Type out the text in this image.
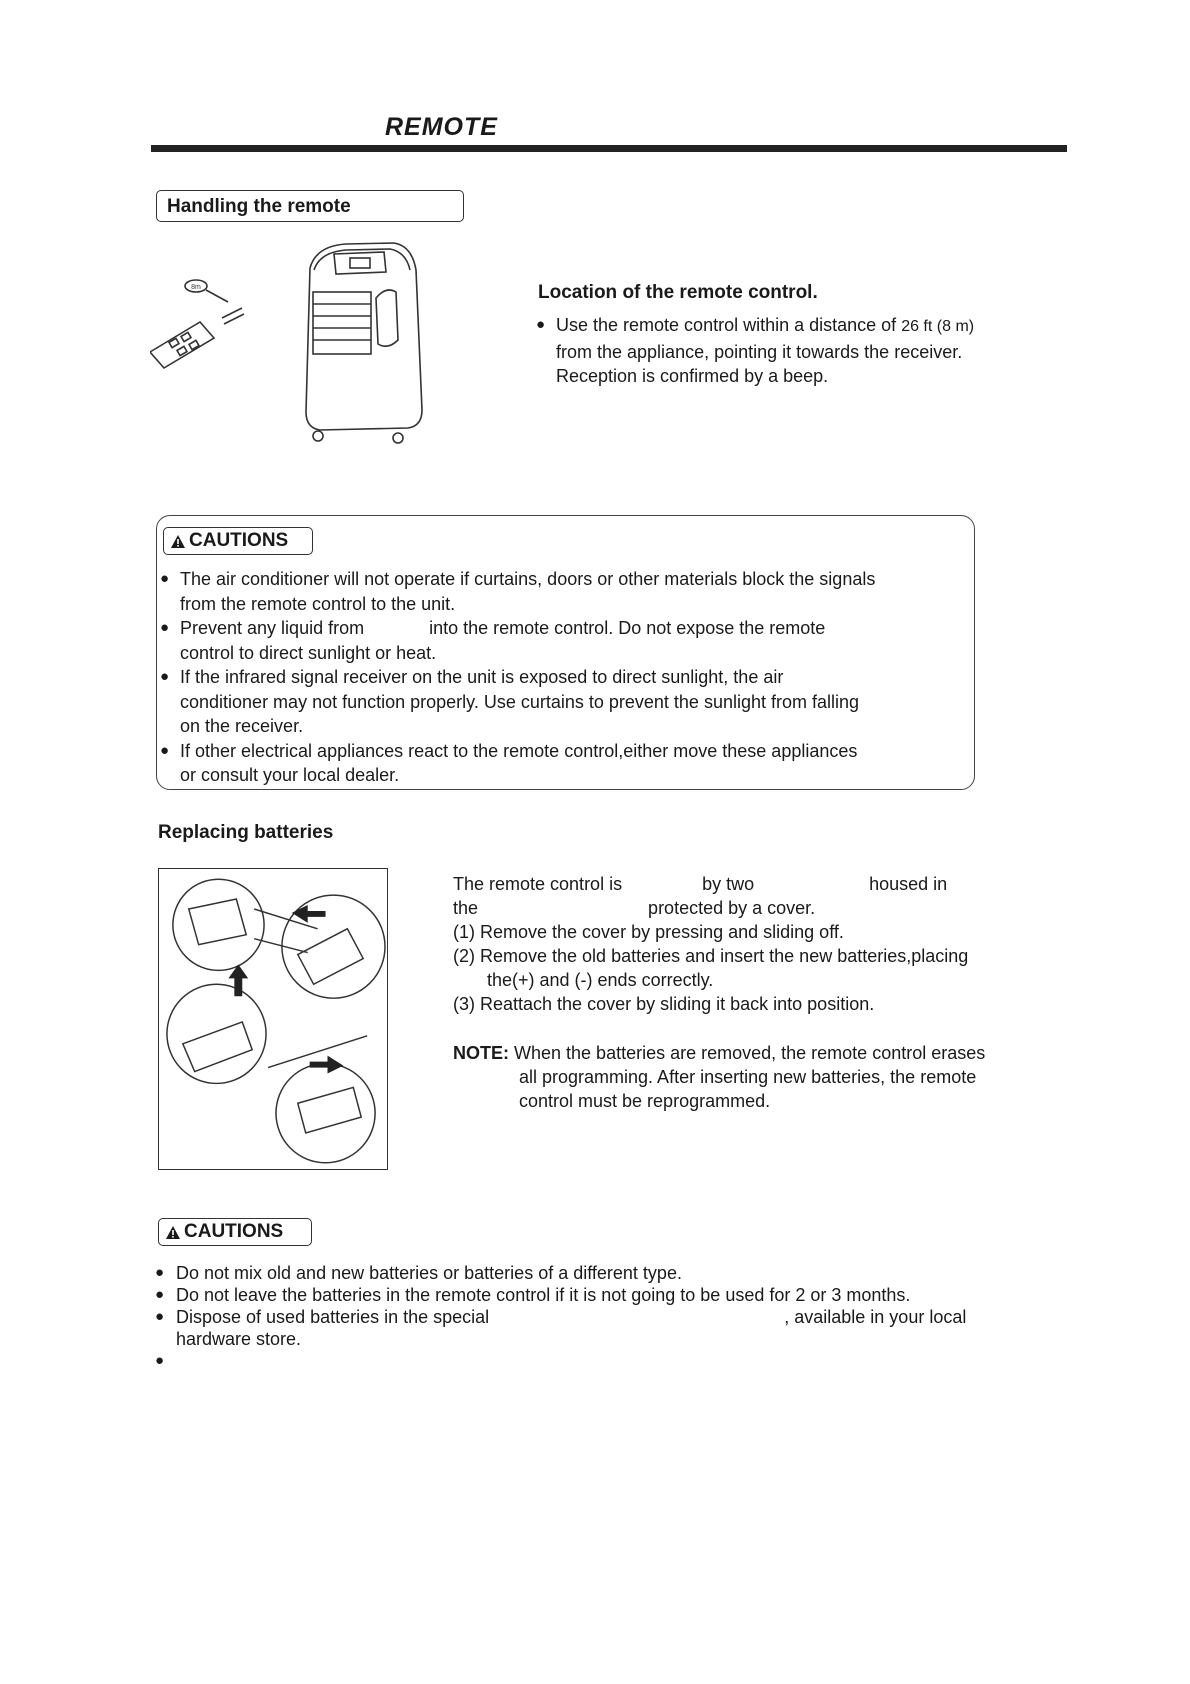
REMOTE
Handling the remote
8m	Location of the remote control.
● Use the remote control within a distance of 26 ft (8 m)
from the appliance, pointing it towards the receiver.
Reception is confirmed by a beep.
CAUTIONS
● The air conditioner will not operate if curtains, doors or other materials block the signals
from the remote control to the unit.
● Prevent any liquid from             into the remote control. Do not expose the remote
control to direct sunlight or heat.
● If the infrared signal receiver on the unit is exposed to direct sunlight, the air
conditioner may not function properly. Use curtains to prevent the sunlight from falling
on the receiver.
● If other electrical appliances react to the remote control,either move these appliances
or consult your local dealer.
Replacing batteries
The remote control is                by two                       housed in
the                                  protected by a cover.
(1) Remove the cover by pressing and sliding off.
(2) Remove the old batteries and insert the new batteries,placing
the(+) and (-) ends correctly.
(3) Reattach the cover by sliding it back into position.
NOTE: When the batteries are removed, the remote control erases
all programming. After inserting new batteries, the remote
control must be reprogrammed.
CAUTIONS
● Do not mix old and new batteries or batteries of a different type.
● Do not leave the batteries in the remote control if it is not going to be used for 2 or 3 months.
● Dispose of used batteries in the special                                                           , available in your local
hardware store.
●
